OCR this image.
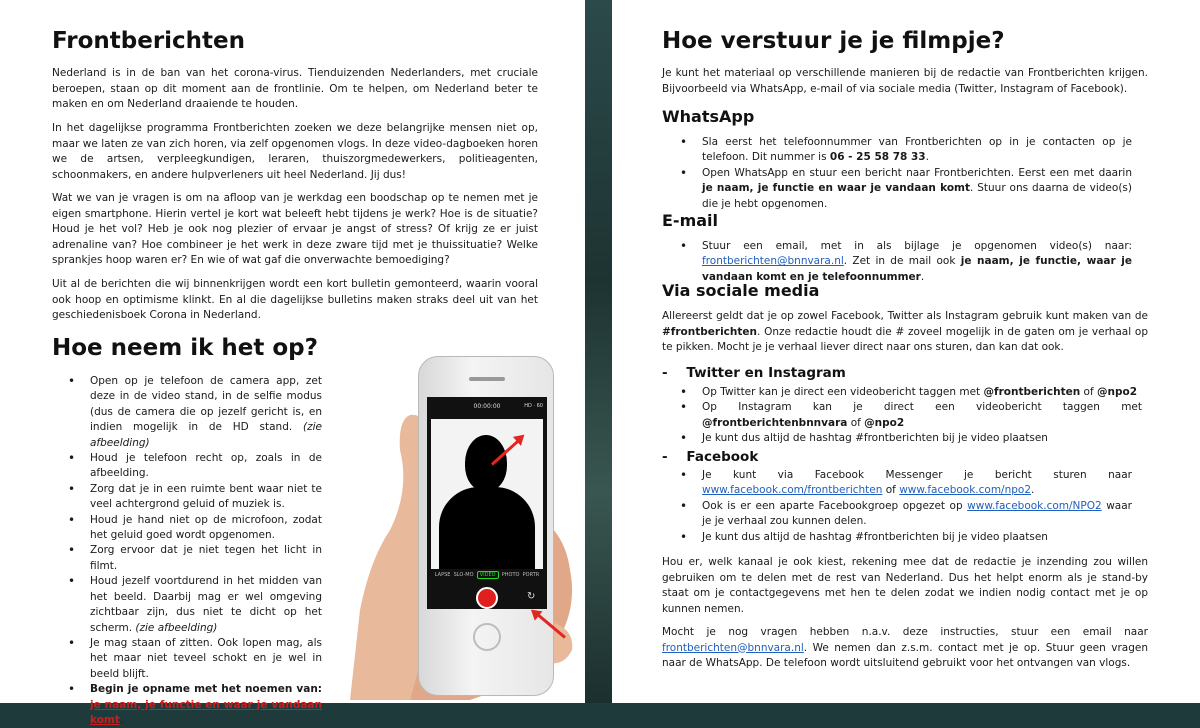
Frontberichten
Nederland is in de ban van het corona-virus. Tienduizenden Nederlanders, met cruciale beroepen, staan op dit moment aan de frontlinie. Om te helpen, om Nederland beter te maken en om Nederland draaiende te houden.
In het dagelijkse programma Frontberichten zoeken we deze belangrijke mensen niet op, maar we laten ze van zich horen, via zelf opgenomen vlogs. In deze video-dagboeken horen we de artsen, verpleegkundigen, leraren, thuiszorgmedewerkers, politieagenten, schoonmakers, en andere hulpverleners uit heel Nederland. Jij dus!
Wat we van je vragen is om na afloop van je werkdag een boodschap op te nemen met je eigen smartphone. Hierin vertel je kort wat beleeft hebt tijdens je werk? Hoe is de situatie? Houd je het vol? Heb je ook nog plezier of ervaar je angst of stress? Of krijg ze er juist adrenaline van? Hoe combineer je het werk in deze zware tijd met je thuissituatie? Welke sprankjes hoop waren er? En wie of wat gaf die onverwachte bemoediging?
Uit al de berichten die wij binnenkrijgen wordt een kort bulletin gemonteerd, waarin vooral ook hoop en optimisme klinkt. En al die dagelijkse bulletins maken straks deel uit van het geschiedenisboek Corona in Nederland.
Hoe neem ik het op?
• Open op je telefoon de camera app, zet deze in de video stand, in de selfie modus (dus de camera die op jezelf gericht is, en indien mogelijk in de HD stand. (zie afbeelding)
• Houd je telefoon recht op, zoals in de afbeelding.
• Zorg dat je in een ruimte bent waar niet te veel achtergrond geluid of muziek is.
• Houd je hand niet op de microfoon, zodat het geluid goed wordt opgenomen.
• Zorg ervoor dat je niet tegen het licht in filmt.
• Houd jezelf voortdurend in het midden van het beeld. Daarbij mag er wel omgeving zichtbaar zijn, dus niet te dicht op het scherm. (zie afbeelding)
• Je mag staan of zitten. Ook lopen mag, als het maar niet teveel schokt en je wel in beeld blijft.
• Begin je opname met het noemen van: je naam, je functie en waar je vandaan komt.
00:00:00	HD · 60
LAPSE SLO-MO VIDEO PHOTO PORTR
↻
Hoe verstuur je je filmpje?
Je kunt het materiaal op verschillende manieren bij de redactie van Frontberichten krijgen. Bijvoorbeeld via WhatsApp, e-mail of via sociale media (Twitter, Instagram of Facebook).
WhatsApp
• Sla eerst het telefoonnummer van Frontberichten op in je contacten op je telefoon. Dit nummer is 06 - 25 58 78 33.
• Open WhatsApp en stuur een bericht naar Frontberichten. Eerst een met daarin je naam, je functie en waar je vandaan komt. Stuur ons daarna de video(s) die je hebt opgenomen.
E-mail
• Stuur een email, met in als bijlage je opgenomen video(s) naar: frontberichten@bnnvara.nl. Zet in de mail ook je naam, je functie, waar je vandaan komt en je telefoonnummer.
Via sociale media
Allereerst geldt dat je op zowel Facebook, Twitter als Instagram gebruik kunt maken van de #frontberichten. Onze redactie houdt die # zoveel mogelijk in de gaten om je verhaal op te pikken. Mocht je je verhaal liever direct naar ons sturen, dan kan dat ook.
-    Twitter en Instagram
• Op Twitter kan je direct een videobericht taggen met @frontberichten of @npo2
• Op Instagram kan je direct een videobericht taggen met @frontberichtenbnnvara of @npo2
• Je kunt dus altijd de hashtag #frontberichten bij je video plaatsen
-    Facebook
• Je kunt via Facebook Messenger je bericht sturen naar www.facebook.com/frontberichten of www.facebook.com/npo2.
• Ook is er een aparte Facebookgroep opgezet op www.facebook.com/NPO2 waar je je verhaal zou kunnen delen.
• Je kunt dus altijd de hashtag #frontberichten bij je video plaatsen
Hou er, welk kanaal je ook kiest, rekening mee dat de redactie je inzending zou willen gebruiken om te delen met de rest van Nederland. Dus het helpt enorm als je stand-by staat om je contactgegevens met hen te delen zodat we indien nodig contact met je op kunnen nemen.
Mocht je nog vragen hebben n.a.v. deze instructies, stuur een email naar frontberichten@bnnvara.nl. We nemen dan z.s.m. contact met je op. Stuur geen vragen naar de WhatsApp. De telefoon wordt uitsluitend gebruikt voor het ontvangen van vlogs.
